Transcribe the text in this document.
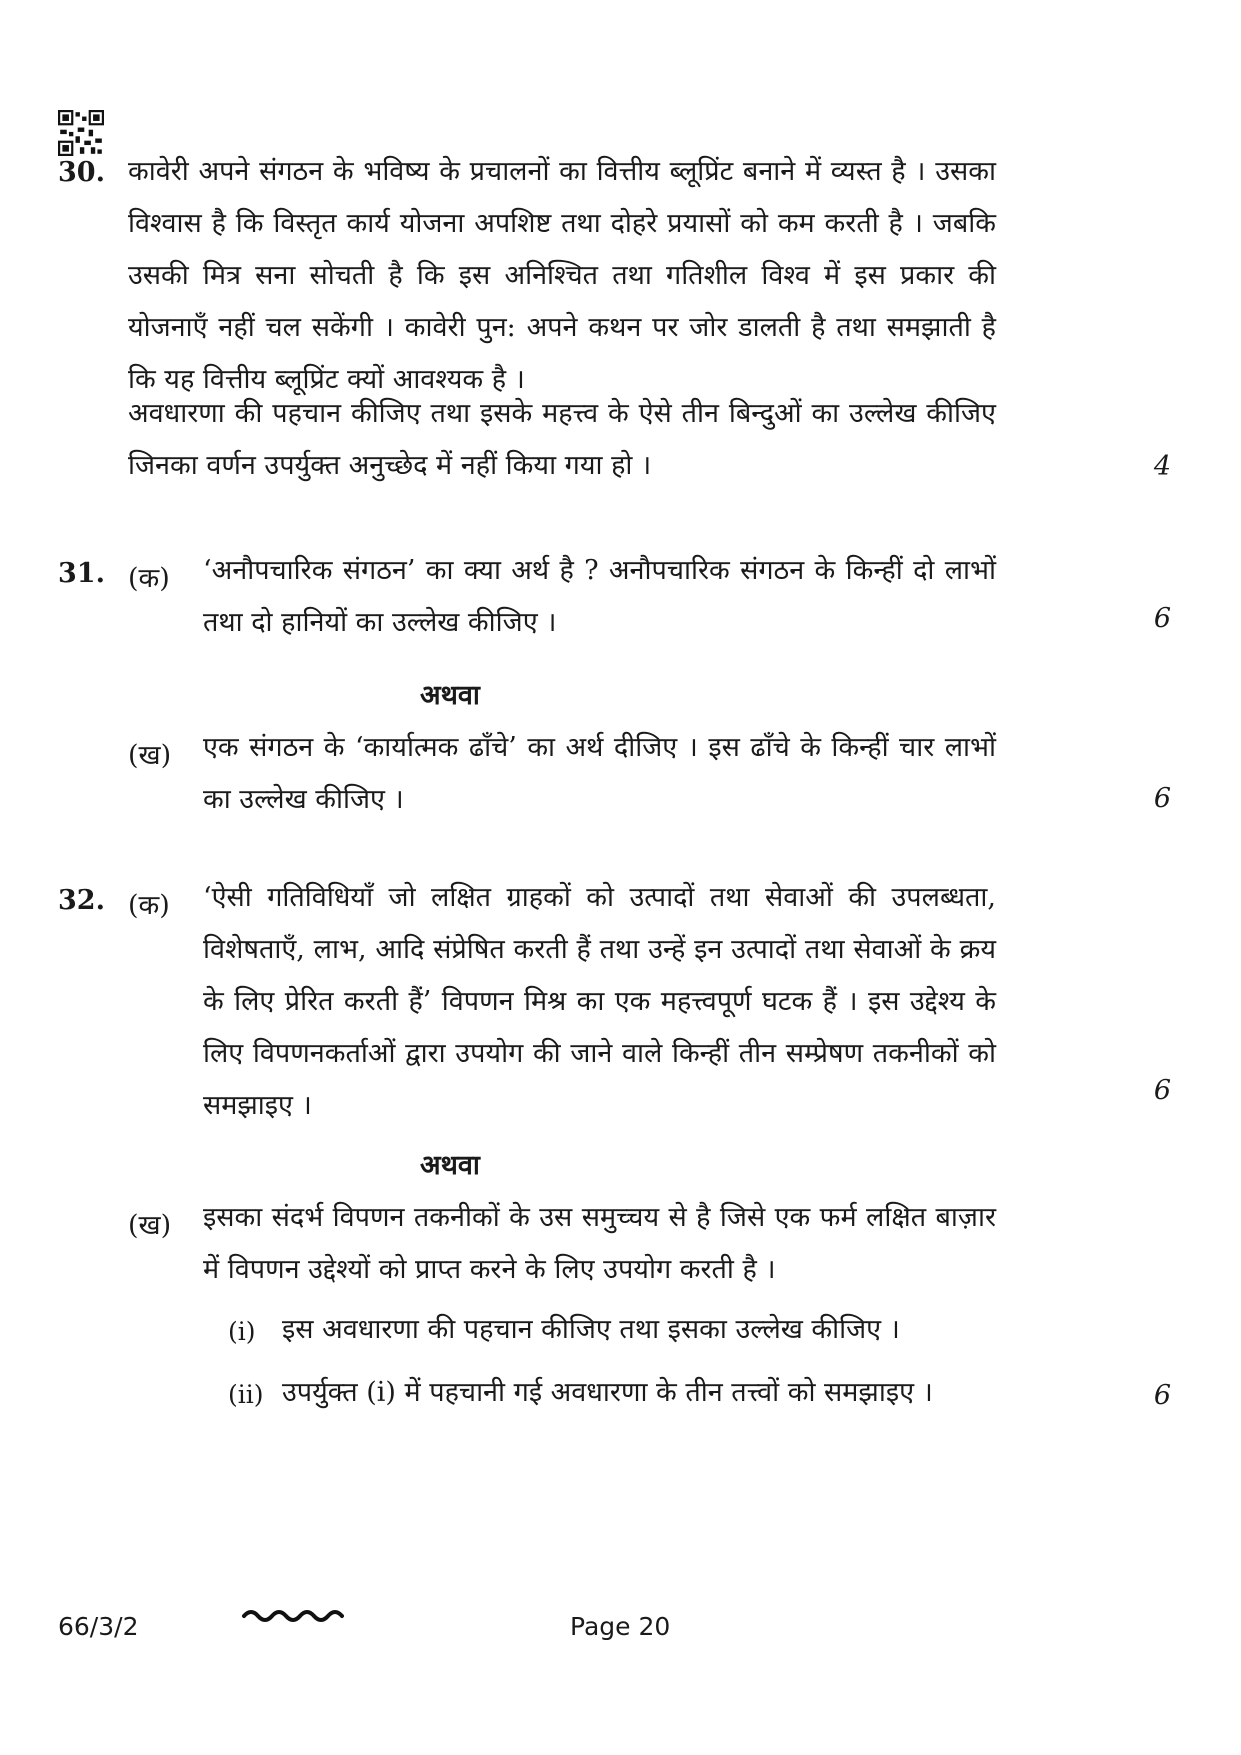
30. कावेरी अपने संगठन के भविष्य के प्रचालनों का वित्तीय ब्लूप्रिंट बनाने में व्यस्त है । उसका विश्वास है कि विस्तृत कार्य योजना अपशिष्ट तथा दोहरे प्रयासों को कम करती है । जबकि उसकी मित्र सना सोचती है कि इस अनिश्चित तथा गतिशील विश्व में इस प्रकार की योजनाएँ नहीं चल सकेंगी । कावेरी पुन: अपने कथन पर जोर डालती है तथा समझाती है कि यह वित्तीय ब्लूप्रिंट क्यों आवश्यक है ।
अवधारणा की पहचान कीजिए तथा इसके महत्त्व के ऐसे तीन बिन्दुओं का उल्लेख कीजिए जिनका वर्णन उपर्युक्त अनुच्छेद में नहीं किया गया हो ।	4
31. (क) ‘अनौपचारिक संगठन’ का क्या अर्थ है ? अनौपचारिक संगठन के किन्हीं दो लाभों तथा दो हानियों का उल्लेख कीजिए ।	6
अथवा
(ख) एक संगठन के ‘कार्यात्मक ढाँचे’ का अर्थ दीजिए । इस ढाँचे के किन्हीं चार लाभों का उल्लेख कीजिए ।	6
32. (क) ‘ऐसी गतिविधियाँ जो लक्षित ग्राहकों को उत्पादों तथा सेवाओं की उपलब्धता, विशेषताएँ, लाभ, आदि संप्रेषित करती हैं तथा उन्हें इन उत्पादों तथा सेवाओं के क्रय के लिए प्रेरित करती हैं’ विपणन मिश्र का एक महत्त्वपूर्ण घटक हैं । इस उद्देश्य के लिए विपणनकर्ताओं द्वारा उपयोग की जाने वाले किन्हीं तीन सम्प्रेषण तकनीकों को समझाइए ।	6
अथवा
(ख) इसका संदर्भ विपणन तकनीकों के उस समुच्चय से है जिसे एक फर्म लक्षित बाज़ार में विपणन उद्देश्यों को प्राप्त करने के लिए उपयोग करती है ।
(i) इस अवधारणा की पहचान कीजिए तथा इसका उल्लेख कीजिए ।
(ii) उपर्युक्त (i) में पहचानी गई अवधारणा के तीन तत्त्वों को समझाइए ।	6
66/3/2	Page 20
